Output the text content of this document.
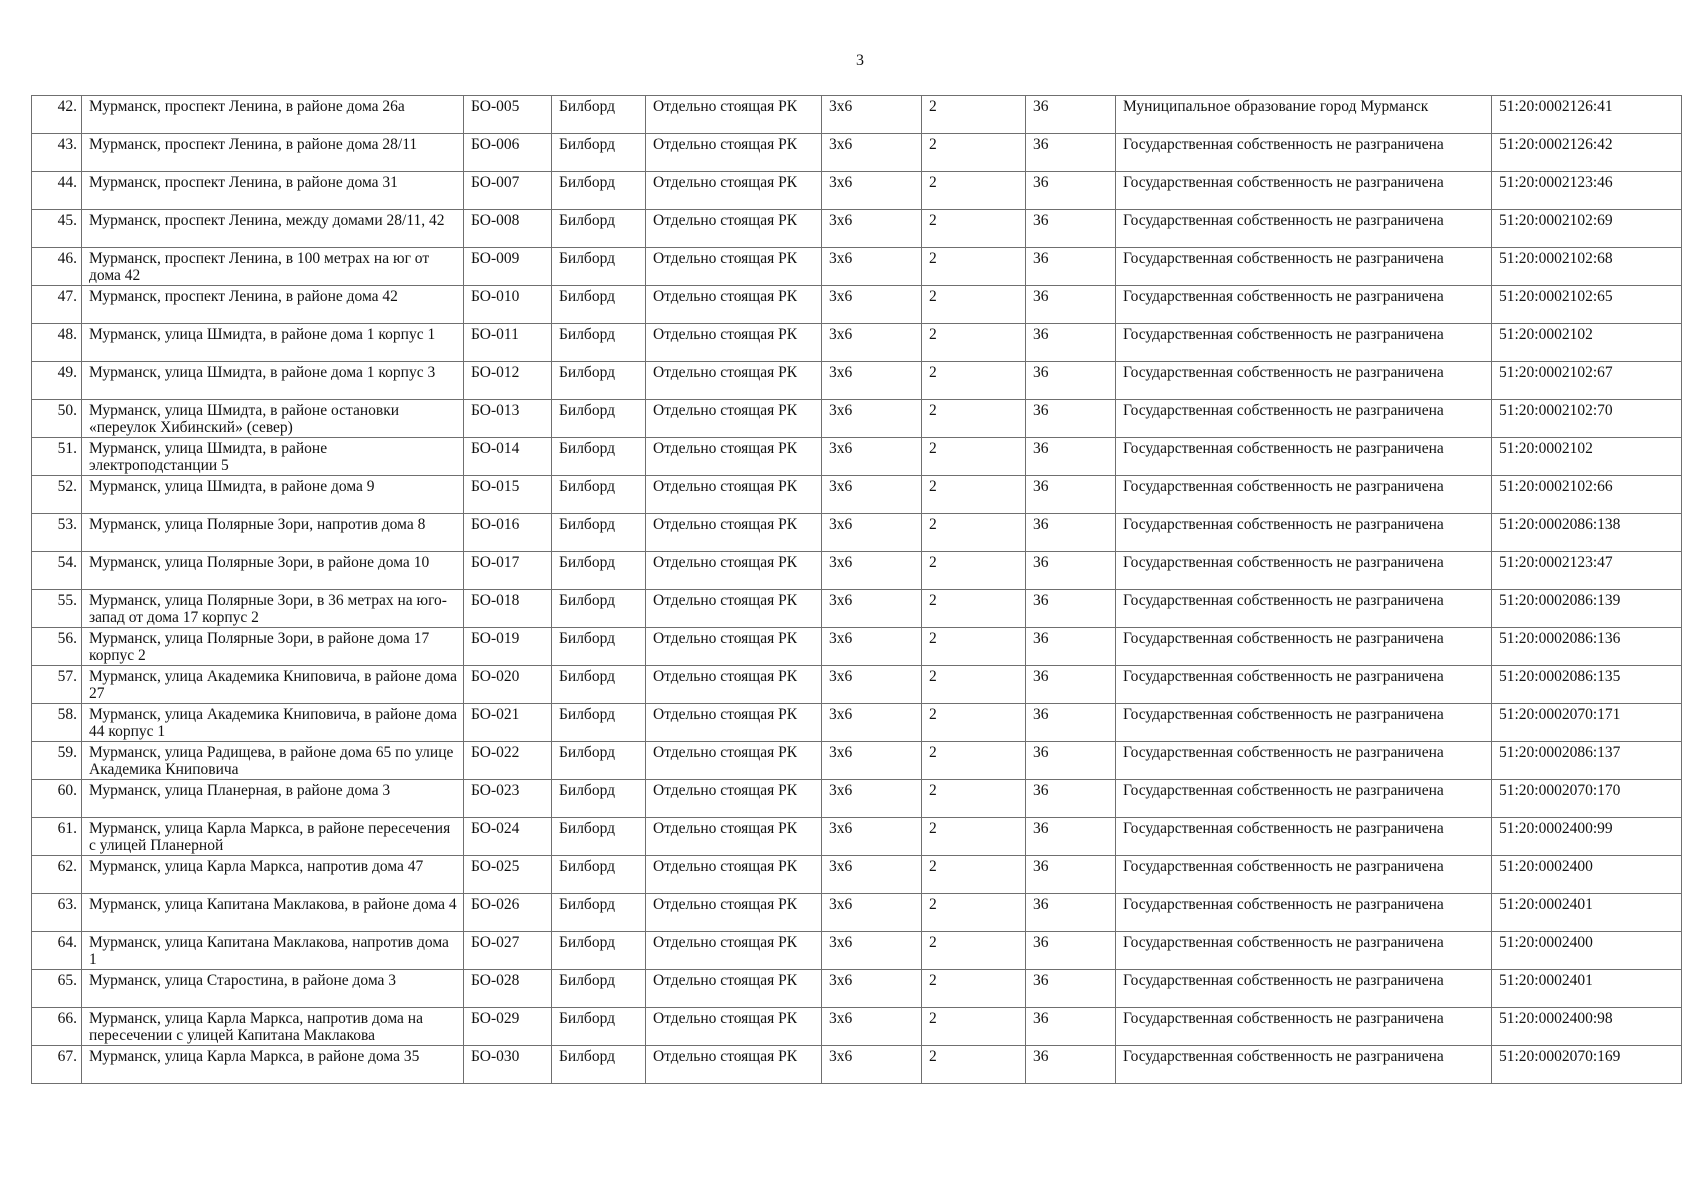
3
42.	Мурманск, проспект Ленина, в районе дома 26а	БО-005	Билборд	Отдельно стоящая РК	3х6	2	36	Муниципальное образование город Мурманск	51:20:0002126:41
43.	Мурманск, проспект Ленина, в районе дома 28/11	БО-006	Билборд	Отдельно стоящая РК	3х6	2	36	Государственная собственность не разграничена	51:20:0002126:42
44.	Мурманск, проспект Ленина, в районе дома 31	БО-007	Билборд	Отдельно стоящая РК	3х6	2	36	Государственная собственность не разграничена	51:20:0002123:46
45.	Мурманск, проспект Ленина, между домами 28/11, 42	БО-008	Билборд	Отдельно стоящая РК	3х6	2	36	Государственная собственность не разграничена	51:20:0002102:69
46.	Мурманск, проспект Ленина, в 100 метрах на юг от дома 42	БО-009	Билборд	Отдельно стоящая РК	3х6	2	36	Государственная собственность не разграничена	51:20:0002102:68
47.	Мурманск, проспект Ленина, в районе дома 42	БО-010	Билборд	Отдельно стоящая РК	3х6	2	36	Государственная собственность не разграничена	51:20:0002102:65
48.	Мурманск, улица Шмидта, в районе дома 1 корпус 1	БО-011	Билборд	Отдельно стоящая РК	3х6	2	36	Государственная собственность не разграничена	51:20:0002102
49.	Мурманск, улица Шмидта, в районе дома 1 корпус 3	БО-012	Билборд	Отдельно стоящая РК	3х6	2	36	Государственная собственность не разграничена	51:20:0002102:67
50.	Мурманск, улица Шмидта, в районе остановки «переулок Хибинский» (север)	БО-013	Билборд	Отдельно стоящая РК	3х6	2	36	Государственная собственность не разграничена	51:20:0002102:70
51.	Мурманск, улица Шмидта, в районе электроподстанции 5	БО-014	Билборд	Отдельно стоящая РК	3х6	2	36	Государственная собственность не разграничена	51:20:0002102
52.	Мурманск, улица Шмидта, в районе дома 9	БО-015	Билборд	Отдельно стоящая РК	3х6	2	36	Государственная собственность не разграничена	51:20:0002102:66
53.	Мурманск, улица Полярные Зори, напротив дома 8	БО-016	Билборд	Отдельно стоящая РК	3х6	2	36	Государственная собственность не разграничена	51:20:0002086:138
54.	Мурманск, улица Полярные Зори, в районе дома 10	БО-017	Билборд	Отдельно стоящая РК	3х6	2	36	Государственная собственность не разграничена	51:20:0002123:47
55.	Мурманск, улица Полярные Зори, в 36 метрах на юго-запад от дома 17 корпус 2	БО-018	Билборд	Отдельно стоящая РК	3х6	2	36	Государственная собственность не разграничена	51:20:0002086:139
56.	Мурманск, улица Полярные Зори, в районе дома 17 корпус 2	БО-019	Билборд	Отдельно стоящая РК	3х6	2	36	Государственная собственность не разграничена	51:20:0002086:136
57.	Мурманск, улица Академика Книповича, в районе дома 27	БО-020	Билборд	Отдельно стоящая РК	3х6	2	36	Государственная собственность не разграничена	51:20:0002086:135
58.	Мурманск, улица Академика Книповича, в районе дома 44 корпус 1	БО-021	Билборд	Отдельно стоящая РК	3х6	2	36	Государственная собственность не разграничена	51:20:0002070:171
59.	Мурманск, улица Радищева, в районе дома 65 по улице Академика Книповича	БО-022	Билборд	Отдельно стоящая РК	3х6	2	36	Государственная собственность не разграничена	51:20:0002086:137
60.	Мурманск, улица Планерная, в районе дома 3	БО-023	Билборд	Отдельно стоящая РК	3х6	2	36	Государственная собственность не разграничена	51:20:0002070:170
61.	Мурманск, улица Карла Маркса, в районе пересечения с улицей Планерной	БО-024	Билборд	Отдельно стоящая РК	3х6	2	36	Государственная собственность не разграничена	51:20:0002400:99
62.	Мурманск, улица Карла Маркса, напротив дома 47	БО-025	Билборд	Отдельно стоящая РК	3х6	2	36	Государственная собственность не разграничена	51:20:0002400
63.	Мурманск, улица Капитана Маклакова, в районе дома 4	БО-026	Билборд	Отдельно стоящая РК	3х6	2	36	Государственная собственность не разграничена	51:20:0002401
64.	Мурманск, улица Капитана Маклакова, напротив дома 1	БО-027	Билборд	Отдельно стоящая РК	3х6	2	36	Государственная собственность не разграничена	51:20:0002400
65.	Мурманск, улица Старостина, в районе дома 3	БО-028	Билборд	Отдельно стоящая РК	3х6	2	36	Государственная собственность не разграничена	51:20:0002401
66.	Мурманск, улица Карла Маркса, напротив дома на пересечении с улицей Капитана Маклакова	БО-029	Билборд	Отдельно стоящая РК	3х6	2	36	Государственная собственность не разграничена	51:20:0002400:98
67.	Мурманск, улица Карла Маркса, в районе дома 35	БО-030	Билборд	Отдельно стоящая РК	3х6	2	36	Государственная собственность не разграничена	51:20:0002070:169
